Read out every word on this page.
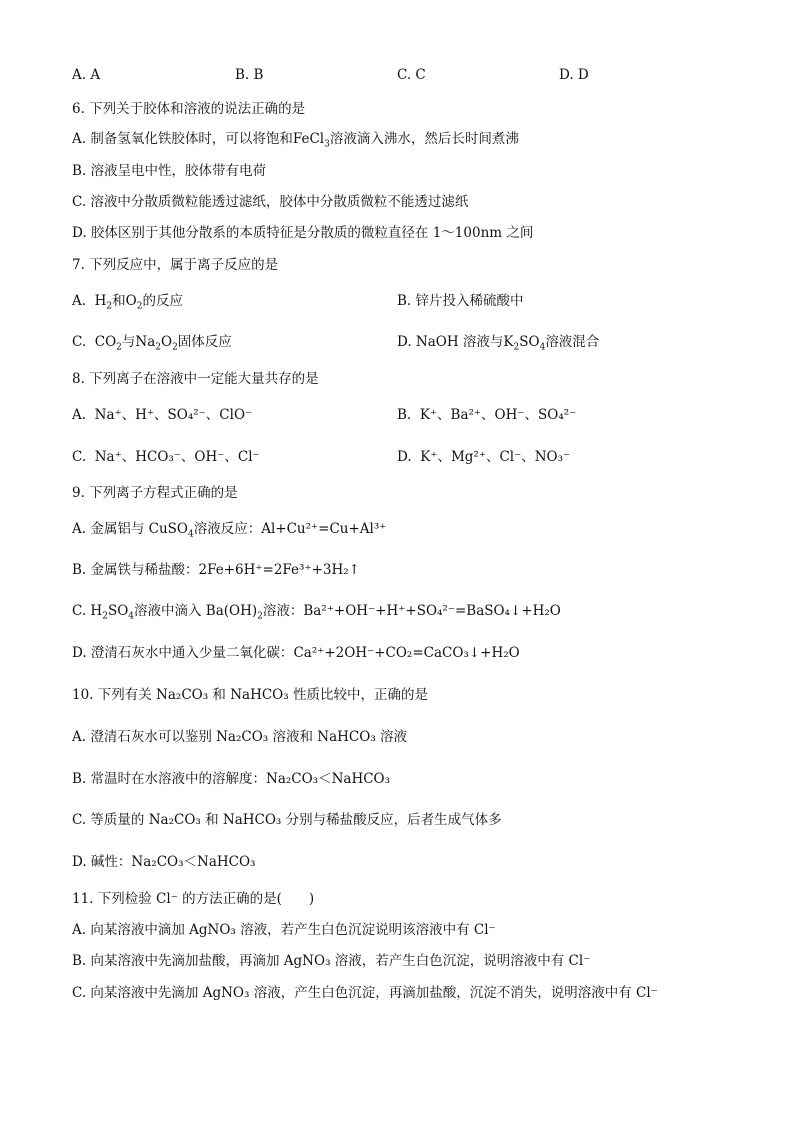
A. A	B. B	C. C	D. D
6. 下列关于胶体和溶液的说法正确的是
A. 制备氢氧化铁胶体时，可以将饱和FeCl$_3$溶液滴入沸水，然后长时间煮沸
B. 溶液呈电中性，胶体带有电荷
C. 溶液中分散质微粒能透过滤纸，胶体中分散质微粒不能透过滤纸
D. 胶体区别于其他分散系的本质特征是分散质的微粒直径在 1～100nm 之间
7. 下列反应中，属于离子反应的是
A. $H_2$和$O_2$的反应	B. 锌片投入稀硫酸中
C. $CO_2$与$Na_2O_2$固体反应	D. NaOH 溶液与$K_2SO_4$溶液混合
8. 下列离子在溶液中一定能大量共存的是
A. Na⁺、H⁺、SO₄²⁻、ClO⁻	B. K⁺、Ba²⁺、OH⁻、SO₄²⁻
C. Na⁺、HCO₃⁻、OH⁻、Cl⁻	D. K⁺、Mg²⁺、Cl⁻、NO₃⁻
9. 下列离子方程式正确的是
A. 金属铝与 CuSO$_4$溶液反应：Al+Cu²⁺=Cu+Al³⁺
B. 金属铁与稀盐酸：2Fe+6H⁺=2Fe³⁺+3H₂↑
C. $H_2SO_4$溶液中滴入 $Ba(OH)_2$溶液：Ba²⁺+OH⁻+H⁺+SO₄²⁻=BaSO₄↓+H₂O
D. 澄清石灰水中通入少量二氧化碳：Ca²⁺+2OH⁻+CO₂=CaCO₃↓+H₂O
10. 下列有关 Na₂CO₃ 和 NaHCO₃ 性质比较中，正确的是
A. 澄清石灰水可以鉴别 Na₂CO₃ 溶液和 NaHCO₃ 溶液
B. 常温时在水溶液中的溶解度：Na₂CO₃＜NaHCO₃
C. 等质量的 Na₂CO₃ 和 NaHCO₃ 分别与稀盐酸反应，后者生成气体多
D. 碱性：Na₂CO₃＜NaHCO₃
11. 下列检验 Cl⁻ 的方法正确的是(　　)
A. 向某溶液中滴加 AgNO₃ 溶液，若产生白色沉淀说明该溶液中有 Cl⁻
B. 向某溶液中先滴加盐酸，再滴加 AgNO₃ 溶液，若产生白色沉淀，说明溶液中有 Cl⁻
C. 向某溶液中先滴加 AgNO₃ 溶液，产生白色沉淀，再滴加盐酸，沉淀不消失，说明溶液中有 Cl⁻
